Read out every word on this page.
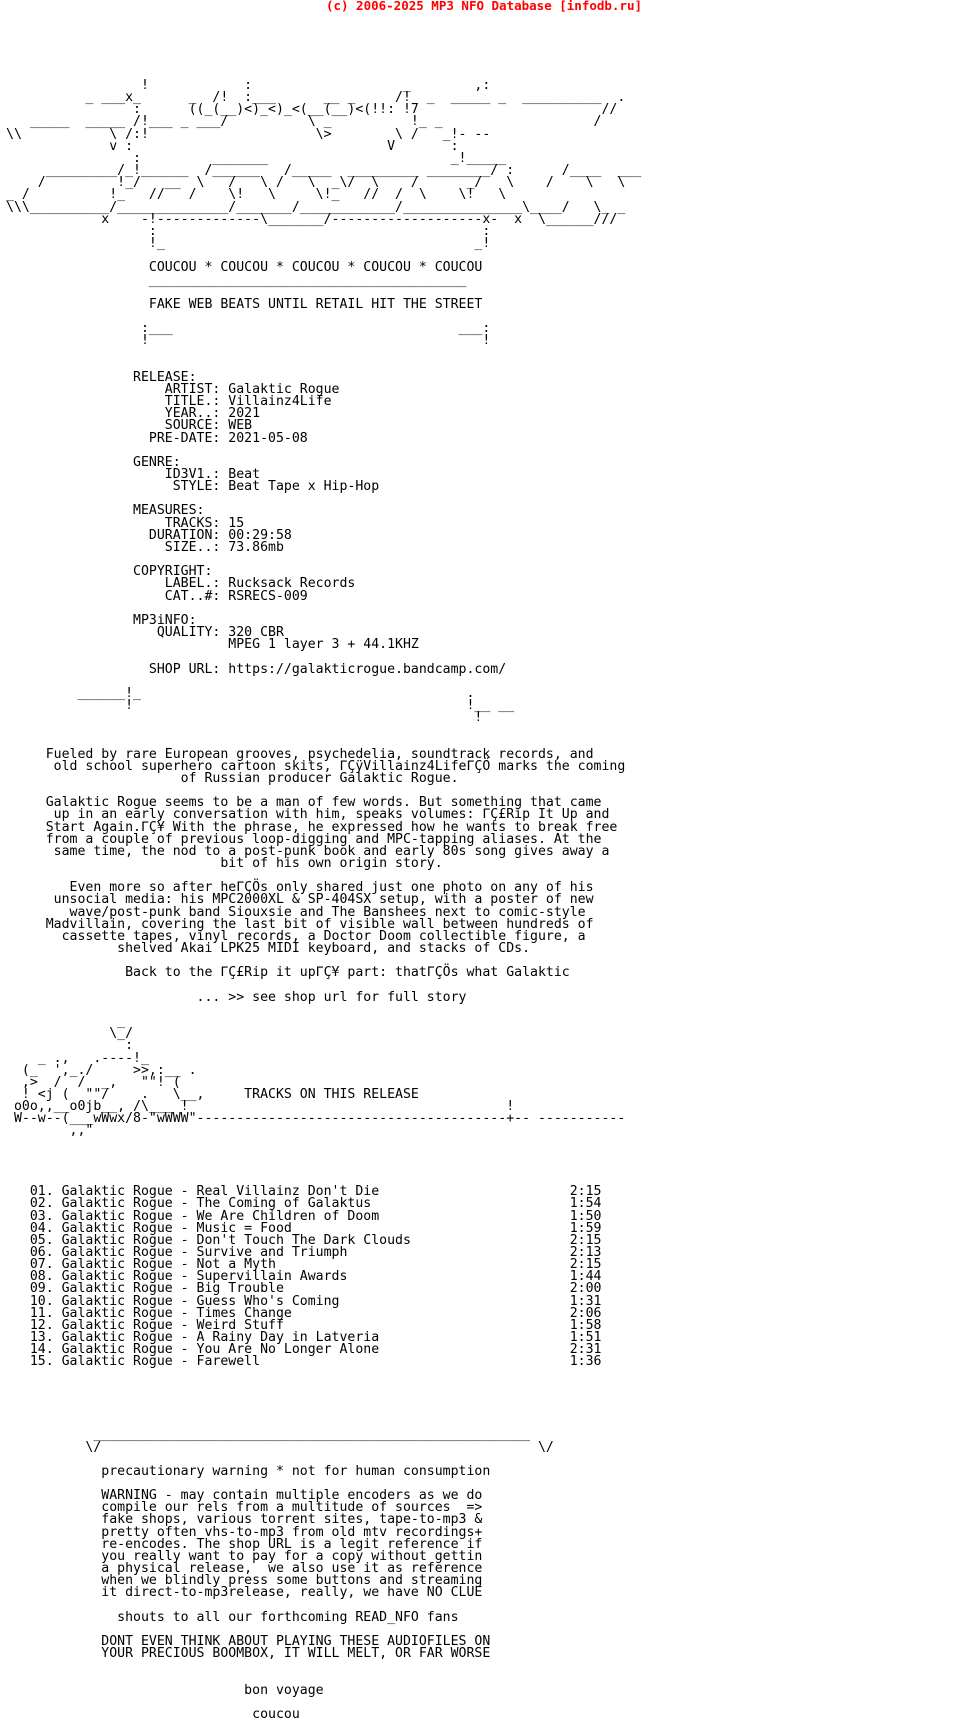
(c) 2006-2025 MP3 NFO Database [infodb.ru]
!            :                   _        ,:
_ ___x_      _  /!  :___      __ _     /!  _  _____ _  __________  .
:      ((_(__)<)_<)_<(__(__)<(!!: !7                       //
_____  _____ /!___ _ ___/          \ _          !_ _                   /
\\           \ /:!                     \>        \ /   _!- --
v :                                V       :
:         _______                       _!_____
_________/_!______  /______   /_____  _________ ________/ :      /____  ___
/         !_/   __  \   /   \ /   \  _\/  \    /      _/   \    /    \   \
_ /          !_   //   /    \!   \     \!_   //  /  \    \!   \
\\\__________/______________/_______/____________/_______________\____/   \_ _
x    -!-------------\_______/-------------------x-  x  \______///
:                                         :
!_                                       _!

COUCOU * COUCOU * COUCOU * COUCOU * COUCOU
________________________________________

FAKE WEB BEATS UNTIL RETAIL HIT THE STREET

:___                                    ___:
!                                          !

RELEASE:
ARTIST: Galaktic Rogue
TITLE.: Villainz4Life
YEAR..: 2021
SOURCE: WEB
PRE-DATE: 2021-05-08

GENRE:
ID3V1.: Beat
STYLE: Beat Tape x Hip-Hop

MEASURES:
TRACKS: 15
DURATION: 00:29:58
SIZE..: 73.86mb

COPYRIGHT:
LABEL.: Rucksack Records
CAT..#: RSRECS-009

MP3iNFO:
QUALITY: 320 CBR
MPEG 1 layer 3 + 44.1KHZ

SHOP URL: https://galakticrogue.bandcamp.com/

______!_                                         .
!                                          !__ __
!

Fueled by rare European grooves, psychedelia, soundtrack records, and
old school superhero cartoon skits, ΓÇÿVillainz4LifeΓÇÖ marks the coming
of Russian producer Galaktic Rogue.

Galaktic Rogue seems to be a man of few words. But something that came
up in an early conversation with him, speaks volumes: ΓÇ£Rip It Up and
Start Again.ΓÇ¥ With the phrase, he expressed how he wants to break free
from a couple of previous loop-digging and MPC-tapping aliases. At the
same time, the nod to a post-punk book and early 80s song gives away a
bit of his own origin story.

Even more so after heΓÇÖs only shared just one photo on any of his
unsocial media: his MPC2000XL & SP-404SX setup, with a poster of new
wave/post-punk band Siouxsie and The Banshees next to comic-style
Madvillain, covering the last bit of visible wall between hundreds of
cassette tapes, vinyl records, a Doctor Doom collectible figure, a
shelved Akai LPK25 MIDI keyboard, and stacks of CDs.

Back to the ΓÇ£Rip it upΓÇ¥ part: thatΓÇÖs what Galaktic

... >> see shop url for full story

_
\_/
:
_ .,   .----!_
(_  ',_./     >>,:__ .
,>  /  /  _,   ""! (
! <j (  ""/    .   \__,     TRACKS ON THIS RELEASE
o0o,,__o0jb__, /\___ !                                        !
W--w--(___wWwx/8-"wWWW"---------------------------------------+-- -----------
,,"

01. Galaktic Rogue - Real Villainz Don't Die                        2:15
02. Galaktic Rogue - The Coming of Galaktus                         1:54
03. Galaktic Rogue - We Are Children of Doom                        1:50
04. Galaktic Rogue - Music = Food                                   1:59
05. Galaktic Rogue - Don't Touch The Dark Clouds                    2:15
06. Galaktic Rogue - Survive and Triumph                            2:13
07. Galaktic Rogue - Not a Myth                                     2:15
08. Galaktic Rogue - Supervillain Awards                            1:44
09. Galaktic Rogue - Big Trouble                                    2:00
10. Galaktic Rogue - Guess Who's Coming                             1:31
11. Galaktic Rogue - Times Change                                   2:06
12. Galaktic Rogue - Weird Stuff                                    1:58
13. Galaktic Rogue - A Rainy Day in Latveria                        1:51
14. Galaktic Rogue - You Are No Longer Alone                        2:31
15. Galaktic Rogue - Farewell                                       1:36

_______________________________________________________
\/                                                       \/

precautionary warning * not for human consumption

WARNING - may contain multiple encoders as we do
compile our rels from a multitude of sources  =>
fake shops, various torrent sites, tape-to-mp3 &
pretty often vhs-to-mp3 from old mtv recordings+
re-encodes. The shop URL is a legit reference if
you really want to pay for a copy without gettin
a physical release,  we also use it as reference
when we blindly press some buttons and streaming
it direct-to-mp3release, really, we have NO CLUE

shouts to all our forthcoming READ_NFO fans

DONT EVEN THINK ABOUT PLAYING THESE AUDIOFILES ON
YOUR PRECIOUS BOOMBOX, IT WILL MELT, OR FAR WORSE

bon voyage

coucou
